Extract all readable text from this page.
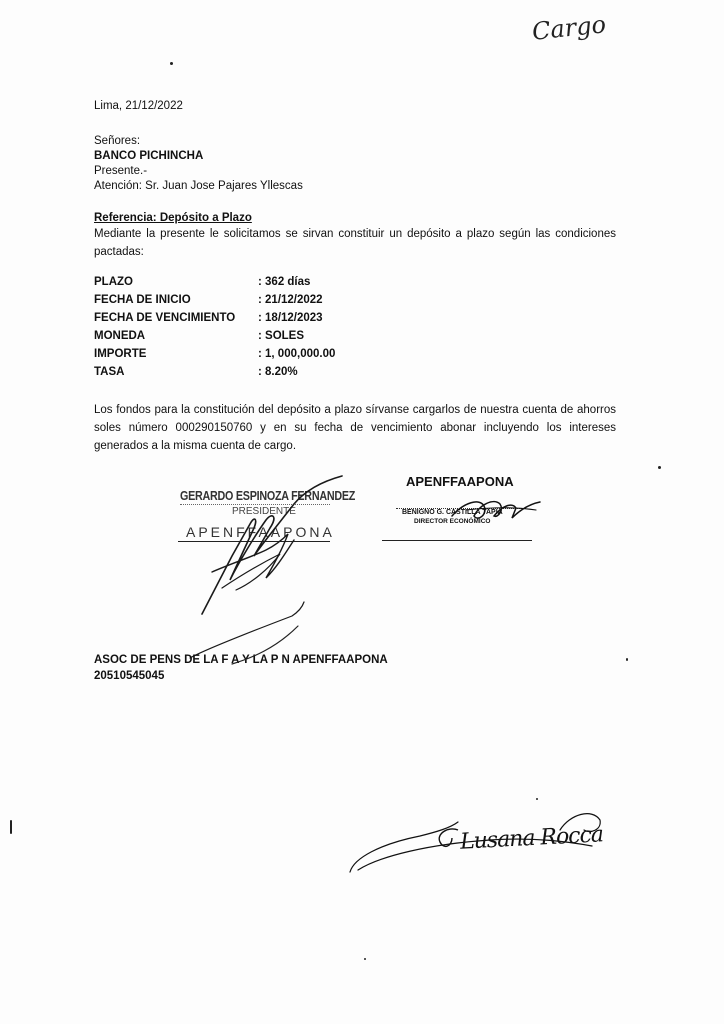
Cargo
Lima, 21/12/2022
Señores:
BANCO PICHINCHA
Presente.-
Atención: Sr. Juan Jose Pajares Yllescas
Referencia: Depósito a Plazo
Mediante la presente le solicitamos se sirvan constituir un depósito a plazo según las condiciones pactadas:
PLAZO	: 362 días
FECHA DE INICIO	: 21/12/2022
FECHA DE VENCIMIENTO : 18/12/2023
MONEDA	: SOLES
IMPORTE	: 1, 000,000.00
TASA	: 8.20%
Los fondos para la constitución del depósito a plazo sírvanse cargarlos de nuestra cuenta de ahorros soles número 000290150760 y en su fecha de vencimiento abonar incluyendo los intereses generados a la misma cuenta de cargo.
GERARDO ESPINOZA FERNANDEZ
PRESIDENTE
APENFFAAPONA
APENFFAAPONA
BENIGNO G. CASTILLA TAPIA
DIRECTOR ECONÓMICO
ASOC DE PENS DE LA F A Y LA P N APENFFAAPONA
20510545045
Lusana Rocca
